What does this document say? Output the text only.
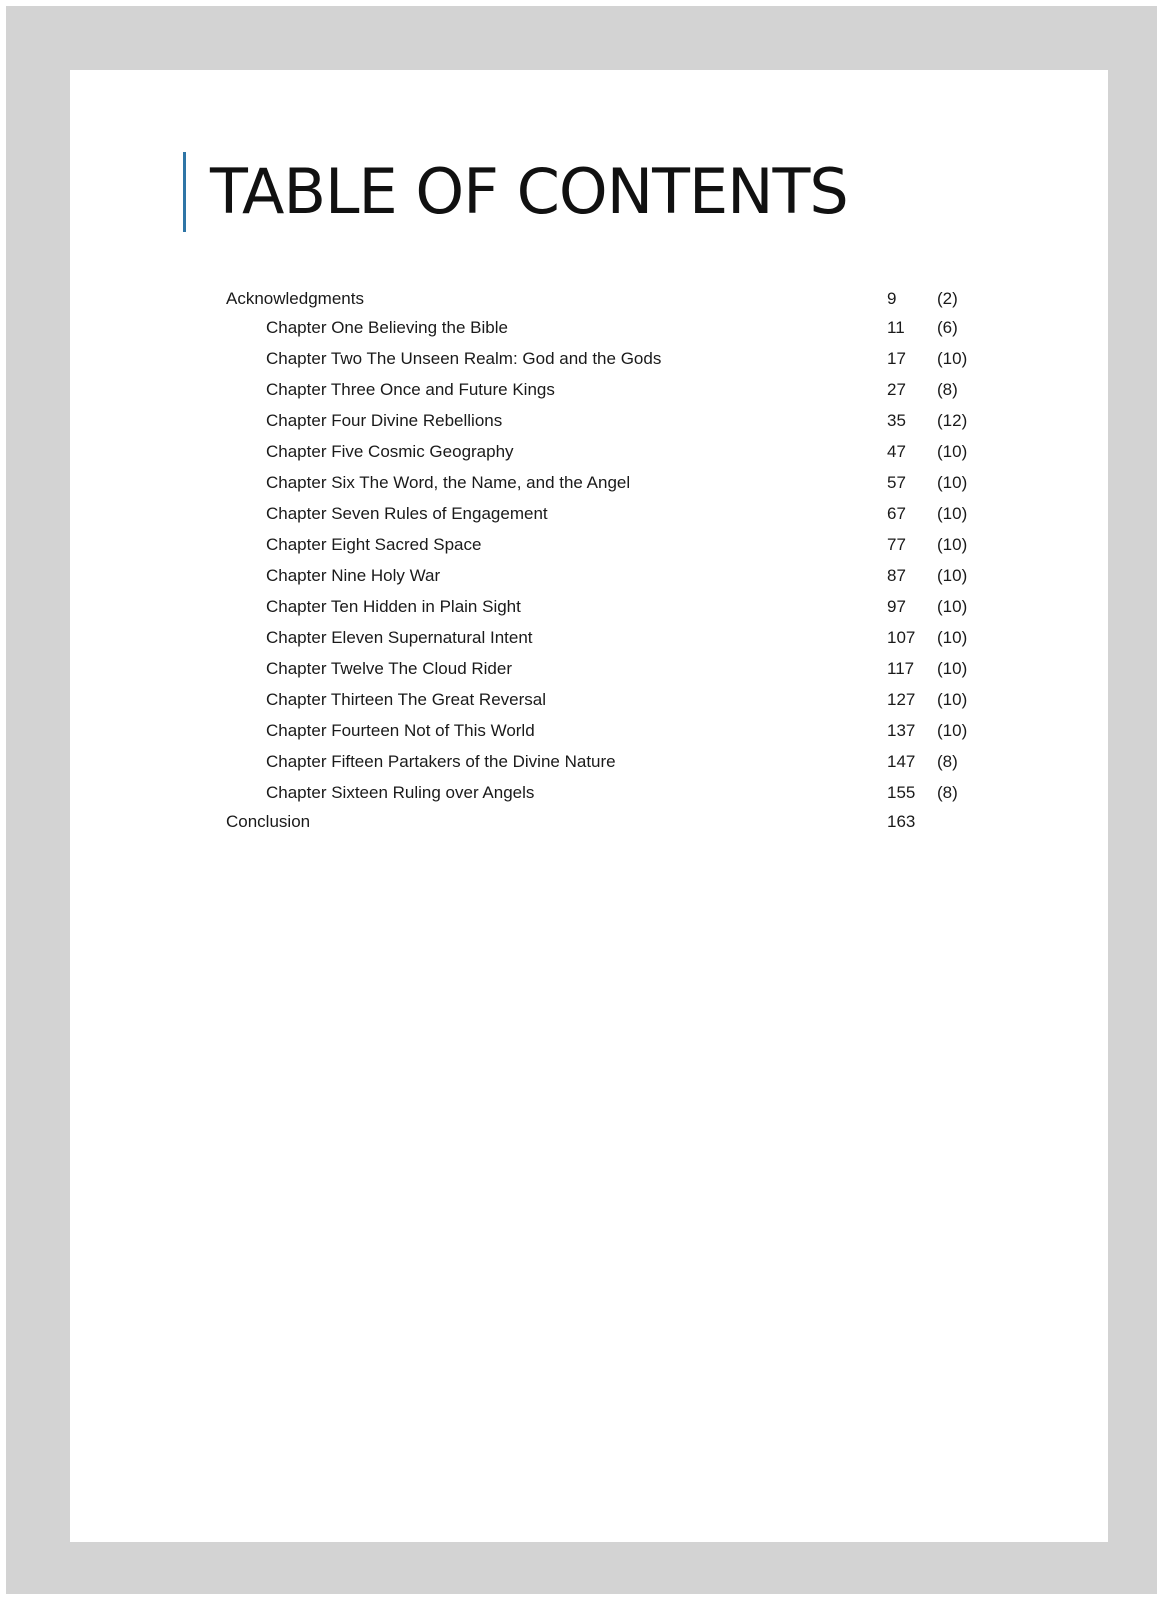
TABLE OF CONTENTS
Acknowledgments	9 (2)
Chapter One Believing the Bible	11 (6)
Chapter Two The Unseen Realm: God and the Gods	17 (10)
Chapter Three Once and Future Kings	27 (8)
Chapter Four Divine Rebellions	35 (12)
Chapter Five Cosmic Geography	47 (10)
Chapter Six The Word, the Name, and the Angel	57 (10)
Chapter Seven Rules of Engagement	67 (10)
Chapter Eight Sacred Space	77 (10)
Chapter Nine Holy War	87 (10)
Chapter Ten Hidden in Plain Sight	97 (10)
Chapter Eleven Supernatural Intent	107 (10)
Chapter Twelve The Cloud Rider	117 (10)
Chapter Thirteen The Great Reversal	127 (10)
Chapter Fourteen Not of This World	137 (10)
Chapter Fifteen Partakers of the Divine Nature	147 (8)
Chapter Sixteen Ruling over Angels	155 (8)
Conclusion	163
